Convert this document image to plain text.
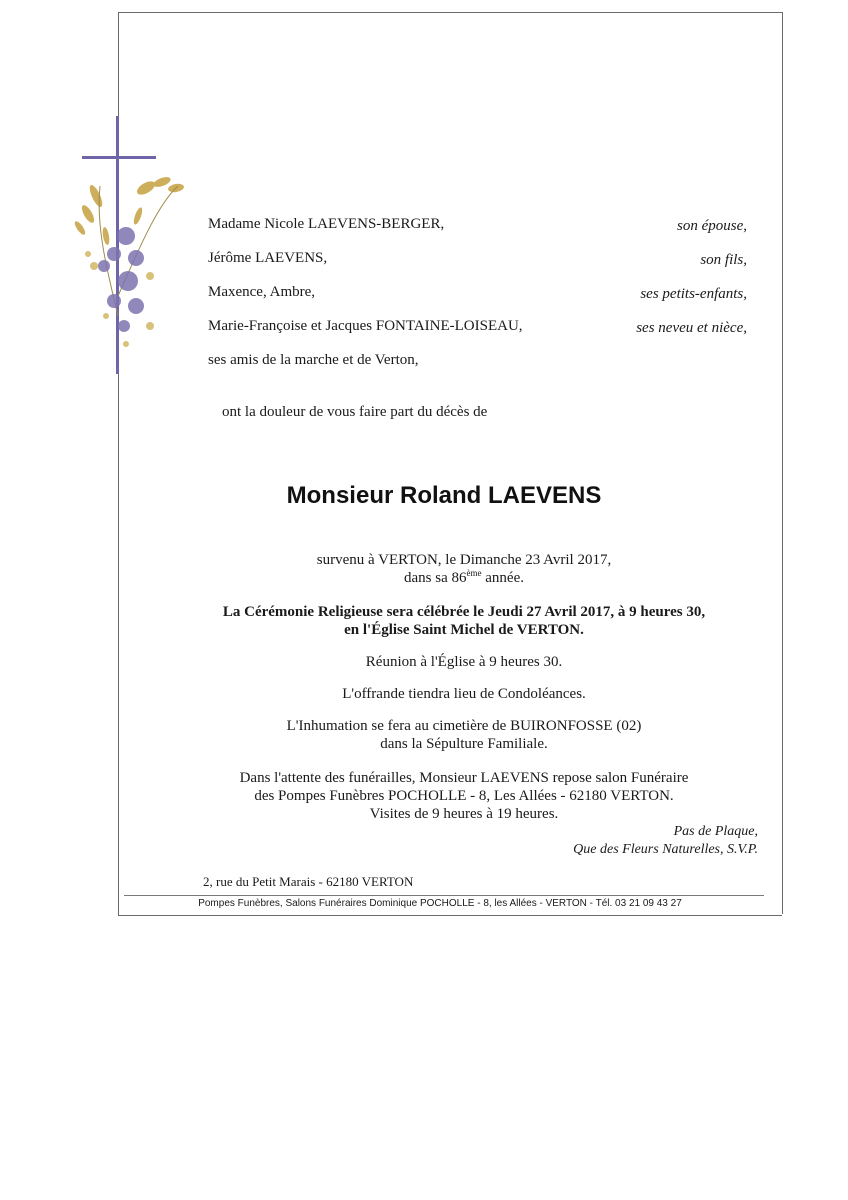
Madame Nicole LAEVENS-BERGER,	son épouse,
Jérôme LAEVENS,	son fils,
Maxence, Ambre,	ses petits-enfants,
Marie-Françoise et Jacques FONTAINE-LOISEAU,	ses neveu et nièce,
ses amis de la marche et de Verton,
ont la douleur de vous faire part du décès de
Monsieur Roland LAEVENS
survenu à VERTON, le Dimanche 23 Avril 2017,
dans sa 86ème année.
La Cérémonie Religieuse sera célébrée le Jeudi 27 Avril 2017, à 9 heures 30,
en l'Église Saint Michel de VERTON.
Réunion à l'Église à 9 heures 30.
L'offrande tiendra lieu de Condoléances.
L'Inhumation se fera au cimetière de BUIRONFOSSE (02)
dans la Sépulture Familiale.
Dans l'attente des funérailles, Monsieur LAEVENS repose salon Funéraire
des Pompes Funèbres POCHOLLE - 8, Les Allées - 62180 VERTON.
Visites de 9 heures à 19 heures.
Pas de Plaque,
Que des Fleurs Naturelles, S.V.P.
2, rue du Petit Marais - 62180 VERTON
Pompes Funèbres, Salons Funéraires Dominique POCHOLLE - 8, les Allées - VERTON - Tél. 03 21 09 43 27
